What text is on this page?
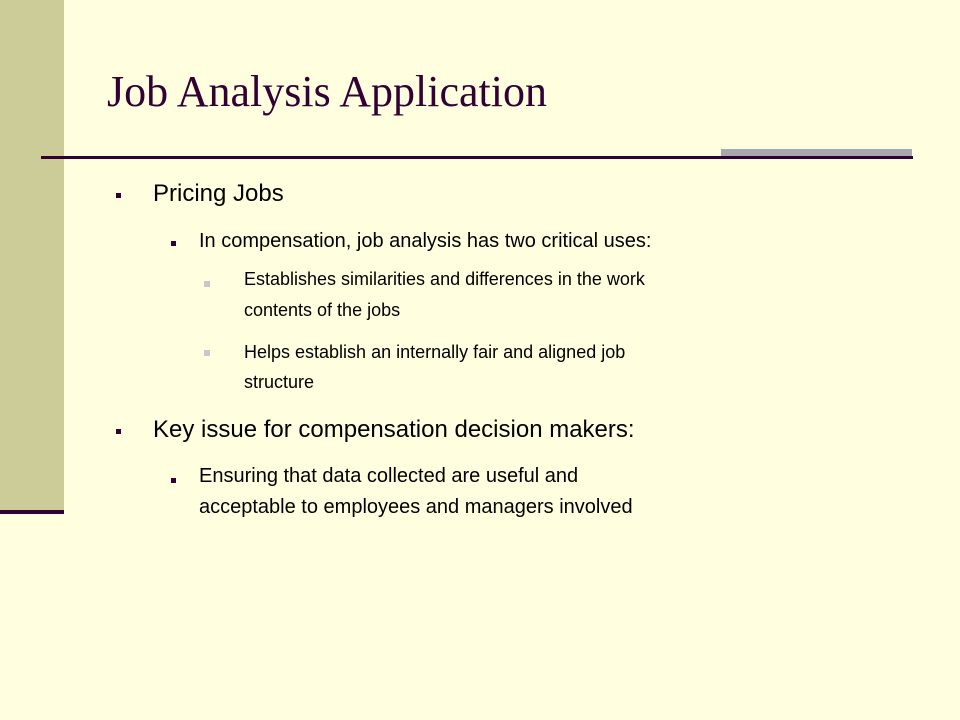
Job Analysis Application
Pricing Jobs
In compensation, job analysis has two critical uses:
Establishes similarities and differences in the work
contents of the jobs
Helps establish an internally fair and aligned job
structure
Key issue for compensation decision makers:
Ensuring that data collected are useful and
acceptable to employees and managers involved
